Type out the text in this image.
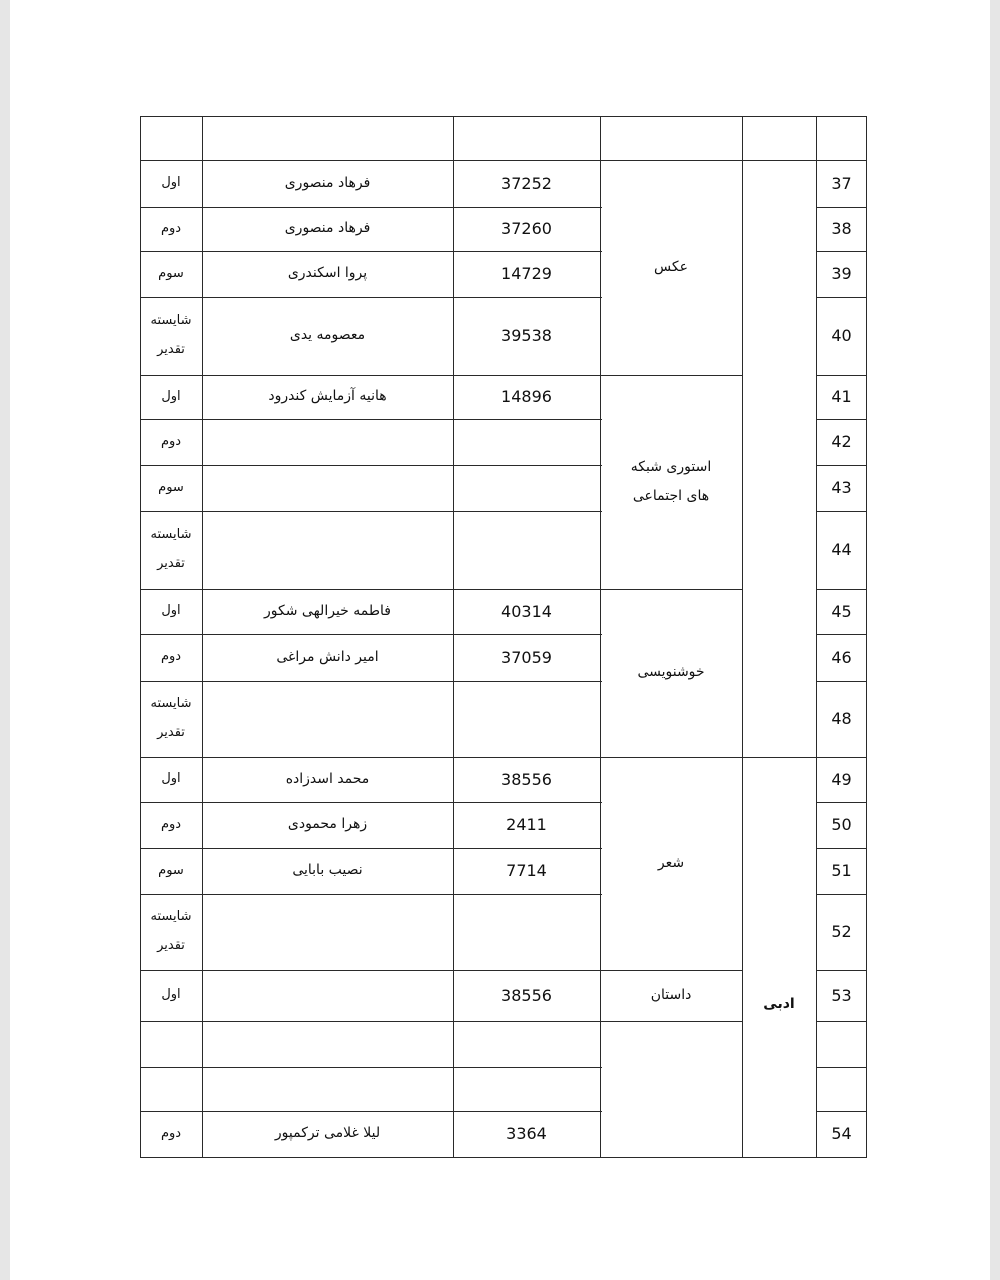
37
37252
فرهاد منصوری
اول
38
37260
فرهاد منصوری
دوم
39
14729
پروا اسکندری
سوم
40
39538
معصومه یدی
شایسته تقدیر
عکس
41
14896
هانیه آزمایش کندرود
اول
42
دوم
43
سوم
44
شایسته تقدیر
استوری شبکه های اجتماعی
45
40314
فاطمه خیرالهی شکور
اول
46
37059
امیر دانش مراغی
دوم
48
شایسته تقدیر
خوشنویسی
49
38556
محمد اسدزاده
اول
50
2411
زهرا محمودی
دوم
51
7714
نصیب بابایی
سوم
52
شایسته تقدیر
شعر
ادبی	53
38556
اول	داستان
54
3364
لیلا غلامی ترکمپور
دوم
